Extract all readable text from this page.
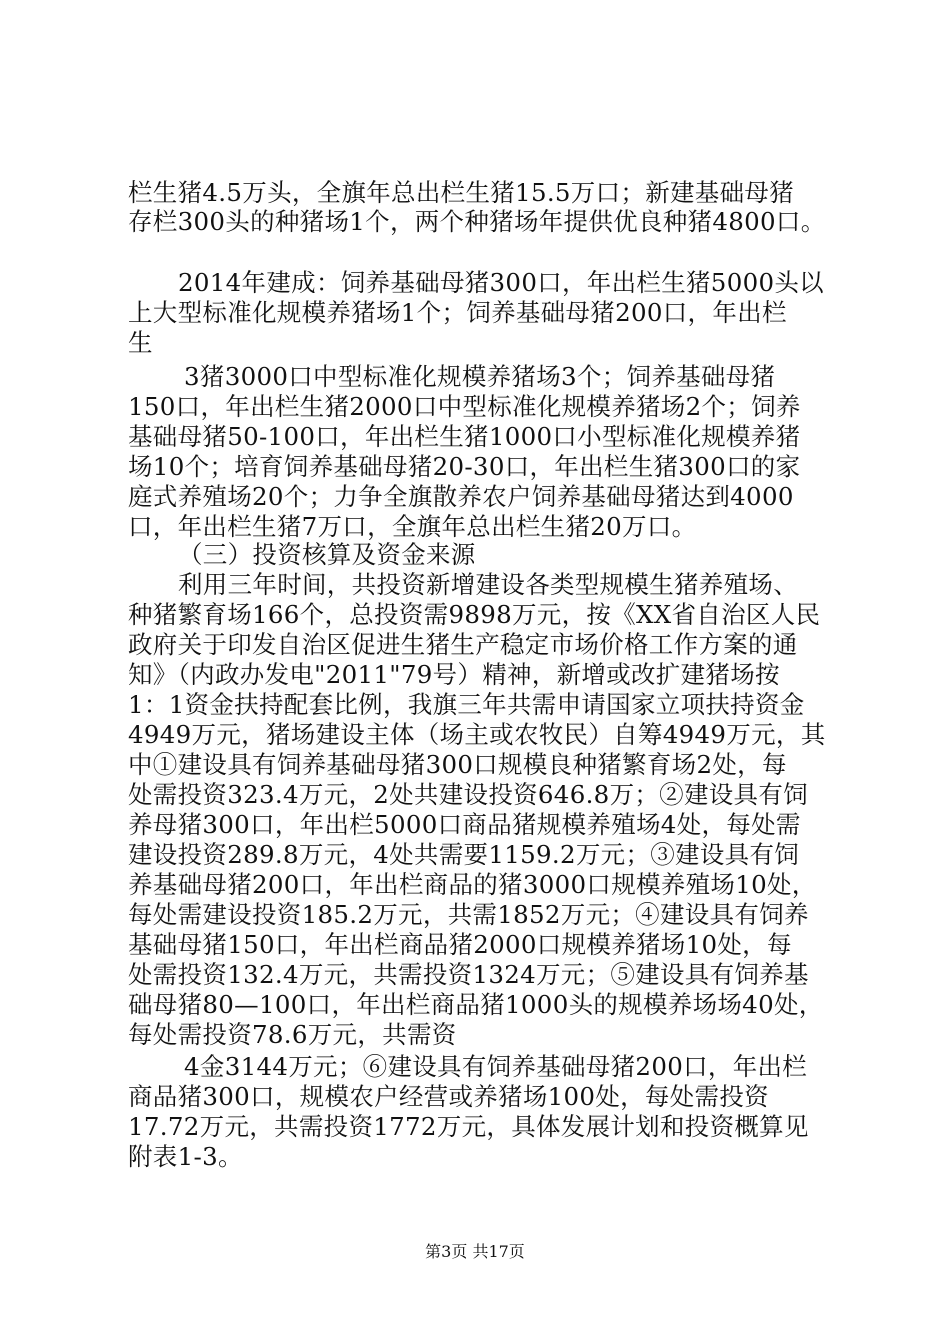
栏生猪4.5万头，全旗年总出栏生猪15.5万口；新建基础母猪
存栏300头的种猪场1个，两个种猪场年提供优良种猪4800口。
2014年建成：饲养基础母猪300口，年出栏生猪5000头以
上大型标准化规模养猪场1个；饲养基础母猪200口，年出栏
生
3猪3000口中型标准化规模养猪场3个；饲养基础母猪
150口，年出栏生猪2000口中型标准化规模养猪场2个；饲养
基础母猪50-100口，年出栏生猪1000口小型标准化规模养猪
场10个；培育饲养基础母猪20-30口，年出栏生猪300口的家
庭式养殖场20个；力争全旗散养农户饲养基础母猪达到4000
口，年出栏生猪7万口，全旗年总出栏生猪20万口。
（三）投资核算及资金来源
利用三年时间，共投资新增建设各类型规模生猪养殖场、
种猪繁育场166个，总投资需9898万元，按《XX省自治区人民
政府关于印发自治区促进生猪生产稳定市场价格工作方案的通
知》（内政办发电"2011"79号）精神，新增或改扩建猪场按
1：1资金扶持配套比例，我旗三年共需申请国家立项扶持资金
4949万元，猪场建设主体（场主或农牧民）自筹4949万元，其
中①建设具有饲养基础母猪300口规模良种猪繁育场2处，每
处需投资323.4万元，2处共建设投资646.8万；②建设具有饲
养母猪300口，年出栏5000口商品猪规模养殖场4处，每处需
建设投资289.8万元，4处共需要1159.2万元；③建设具有饲
养基础母猪200口，年出栏商品的猪3000口规模养殖场10处，
每处需建设投资185.2万元，共需1852万元；④建设具有饲养
基础母猪150口，年出栏商品猪2000口规模养猪场10处，每
处需投资132.4万元，共需投资1324万元；⑤建设具有饲养基
础母猪80—100口，年出栏商品猪1000头的规模养场场40处，
每处需投资78.6万元，共需资
4金3144万元；⑥建设具有饲养基础母猪200口，年出栏
商品猪300口，规模农户经营或养猪场100处，每处需投资
17.72万元，共需投资1772万元，具体发展计划和投资概算见
附表1-3。
第3页 共17页
